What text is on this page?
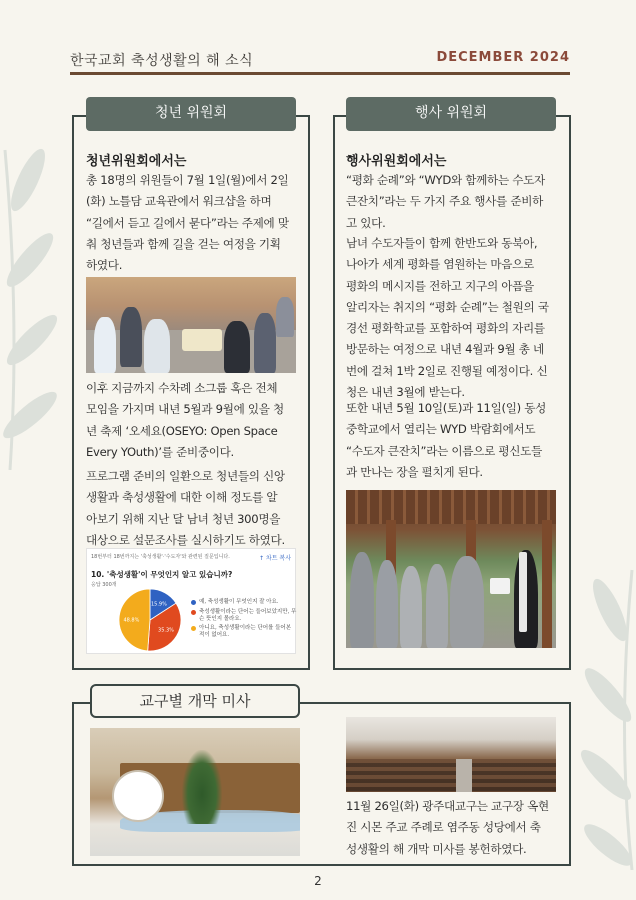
한국교회 축성생활의 해 소식	DECEMBER 2024
청년 위원회
청년위원회에서는
총 18명의 위원들이 7월 1일(월)에서 2일
(화) 노틀담 교육관에서 워크샵을 하며
“길에서 듣고 길에서 묻다”라는 주제에 맞
춰 청년들과 함께 길을 걷는 여정을 기획
하였다.
이후 지금까지 수차례 소그룹 혹은 전체
모임을 가지며 내년 5월과 9월에 있을 청
년 축제 ‘오세요(OSEYO: Open Space
Every YOuth)’를 준비중이다.
프로그램 준비의 일환으로 청년들의 신앙
생활과 축성생활에 대한 이해 정도를 알
아보기 위해 지난 달 남녀 청년 300명을
대상으로 설문조사를 실시하기도 하였다.
18번부터 18번까지는 '축성생활'·'수도자'와 관련된 질문입니다.	↑ 차트 복사
10. '축성생활'이 무엇인지 알고 있습니까?
응답 300개
15.9%
35.3%
48.8%
예, 축성생활이 무엇인지 잘 아요.
축성생활이라는 단어는 들어보았지만, 무슨 뜻인지 몰라요.
아니요, 축성생활이라는 단어를 들어본 적이 없어요.
행사 위원회
행사위원회에서는
“평화 순례”와 “WYD와 함께하는 수도자
큰잔치”라는 두 가지 주요 행사를 준비하
고 있다.
남녀 수도자들이 함께 한반도와 동북아,
나아가 세계 평화를 염원하는 마음으로
평화의 메시지를 전하고 지구의 아픔을
알리자는 취지의 “평화 순례”는 철원의 국
경선 평화학교를 포함하여 평화의 자리를
방문하는 여정으로 내년 4월과 9월 총 네
번에 걸쳐 1박 2일로 진행될 예정이다. 신
청은 내년 3월에 받는다.
또한 내년 5월 10일(토)과 11일(일) 동성
중학교에서 열리는 WYD 박람회에서도
“수도자 큰잔치”라는 이름으로 평신도들
과 만나는 장을 펼치게 된다.
교구별 개막 미사
11월 26일(화) 광주대교구는 교구장 옥현
진 시몬 주교 주례로 염주동 성당에서 축
성생활의 해 개막 미사를 봉헌하였다.
2
